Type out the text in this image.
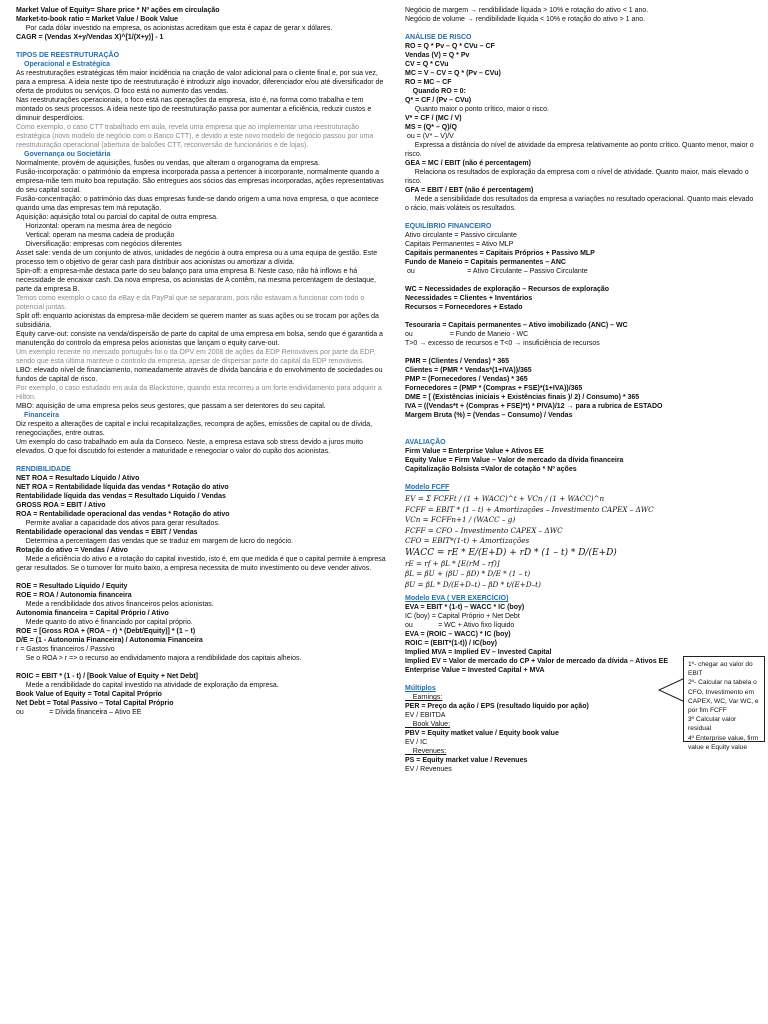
Market Value of Equity= Share price * Nº ações em circulação
Market-to-book ratio = Market Value / Book Value
Por cada dólar investido na empresa, os acionistas acreditam que esta é capaz de gerar x dólares.
CAGR = (Vendas X+y/Vendas X)^[1/(X+y)] - 1
TIPOS DE REESTRUTURAÇÃO
Operacional e Estratégica
As reestruturações estratégicas têm maior incidência na criação de valor adicional para o cliente final e, por sua vez, para a empresa. A ideia neste tipo de reestruturação é introduzir algo inovador, diferenciador e/ou até diversificador de oferta de produtos ou serviços. O foco está no aumento das vendas.
Nas reestruturações operacionais, o foco está nas operações da empresa, isto é, na forma como trabalha e tem montado os seus processos. A ideia neste tipo de reestruturação passa por aumentar a eficiência, reduzir custos e diminuir desperdícios.
Como exemplo, o caso CTT trabalhado em aula, revela uma empresa que ao implementar uma reestruturação estratégica (novo modelo de negócio com o Banco CTT), e devido a este novo modelo de negócio passou por uma reestruturação operacional (abertura de balcões CTT, reconversão de funcionários e de lojas).
Governança ou Societária
Normalmente, provém de aquisições, fusões ou vendas, que alteram o organograma da empresa.
Fusão-incorporação: o património da empresa incorporada passa a pertencer à incorporante, normalmente quando a empresa-mãe tem muito boa reputação. São entregues aos sócios das empresas incorporadas, ações representativas do seu capital social.
Fusão-concentração: o património das duas empresas funde-se dando origem a uma nova empresa, o que acontece quando uma das empresas tem má reputação.
Aquisição: aquisição total ou parcial do capital de outra empresa.
Horizontal: operam na mesma área de negócio
Vertical: operam na mesma cadeia de produção
Diversificação: empresas com negócios diferentes
Asset sale: venda de um conjunto de ativos, unidades de negócio à outra empresa ou a uma equipa de gestão. Este processo tem o objetivo de gerar cash para distribuir aos acionistas ou amortizar a dívida.
Spin-off: a empresa-mãe destaca parte do seu balanço para uma empresa B. Neste caso, não há inflows e há necessidade de encaixar cash. Da nova empresa, os acionistas de A contêm, na mesma percentagem de destaque, parte da empresa B.
Temos como exemplo o caso da eBay e da PayPal que se separaram, pois não estavam a funcionar com todo o potencial juntas.
Split off: enquanto acionistas da empresa-mãe decidem se querem manter as suas ações ou se trocam por ações da subsidiária.
Equity carve-out: consiste na venda/dispersão de parte do capital de uma empresa em bolsa, sendo que é garantida a manutenção do controlo da empresa pelos acionistas que lançam o equity carve-out.
Um exemplo recente no mercado português foi o da OPV em 2008 de ações da EDP Renováveis por parte da EDP, sendo que esta última manteve o controlo da empresa, apesar de dispersar parte do capital da EDP renováveis.
LBO: elevado nível de financiamento, nomeadamente através de dívida bancária e do envolvimento de sociedades ou fundos de capital de risco.
Por exemplo, o caso estudado em aula da Blackstone, quando esta recorreu a um forte endividamento para adquirir a Hilton.
MBO: aquisição de uma empresa pelos seus gestores, que passam a ser detentores do seu capital.
Financeira
Diz respeito a alterações de capital e inclui recapitalizações, recompra de ações, emissões de capital ou de dívida, renegociações, entre outras.
Um exemplo do caso trabalhado em aula da Conseco. Neste, a empresa estava sob stress devido a juros muito elevados. O que foi discutido foi estender a maturidade e renegociar o valor do cupão dos acionistas.
RENDIBILIDADE
NET ROA = Resultado Líquido / Ativo
NET ROA = Rentabilidade líquida das vendas * Rotação do ativo
Rentabilidade líquida das vendas = Resultado Líquido / Vendas
GROSS ROA = EBIT / Ativo
ROA = Rentabilidade operacional das vendas * Rotação do ativo
Permite avaliar a capacidade dos ativos para gerar resultados.
Rentabilidade operacional das vendas = EBIT / Vendas
Determina a percentagem das vendas que se traduz em margem de lucro do negócio.
Rotação do ativo = Vendas / Ativo
Mede a eficiência do ativo e a rotação do capital investido, isto é, em que medida é que o capital permite à empresa gerar resultados. Se o turnover for muito baixo, a empresa necessita de muito investimento ou deve vender ativos.
ROE = Resultado Líquido / Equity
ROE = ROA / Autonomia financeira
Mede a rendibilidade dos ativos financeiros pelos acionistas.
Autonomia financeira = Capital Próprio / Ativo
Mede quanto do ativo é financiado por capital próprio.
ROE = [Gross ROA + (ROA – r) * (Debt/Equity)] * (1 – t)
D/E = (1 - Autonomia Financeira) / Autonomia Financeira
r = Gastos financeiros / Passivo
Se o ROA > r => o recurso ao endividamento majora a rendibilidade dos capitais alheios.
ROIC = EBIT * (1 - t) / [Book Value of Equity + Net Debt]
Mede a rendibilidade do capital investido na atividade de exploração da empresa.
Book Value of Equity = Total Capital Próprio
Net Debt = Total Passivo – Total Capital Próprio
ou             = Dívida financeira – Ativo EE
Negócio de margem → rendibilidade líquida > 10% e rotação do ativo < 1 ano.
Negócio de volume → rendibilidade líquida < 10% e rotação do ativo > 1 ano.
ANÁLISE DE RISCO
RO = Q * Pv – Q * CVu – CF
Vendas (V) = Q * Pv
CV = Q * CVu
MC = V – CV = Q * (Pv – CVu)
RO = MC – CF
Quando RO = 0:
Q* = CF / (Pv – CVu)
Quanto maior o ponto crítico, maior o risco.
V* = CF / (MC / V)
MS = (Q* – Q)/Q
ou = (V* – V)/V
Expressa a distância do nível de atividade da empresa relativamente ao ponto crítico. Quanto menor, maior o risco.
GEA = MC / EBIT (não é percentagem)
Relaciona os resultados de exploração da empresa com o nível de atividade. Quanto maior, mais elevado o risco.
GFA = EBIT / EBT (não é percentagem)
Mede a sensibilidade dos resultados da empresa a variações no resultado operacional. Quanto mais elevado o rácio, mais voláteis os resultados.
EQUILÍBRIO FINANCEIRO
Ativo circulante = Passivo circulante
Capitais Permanentes = Ativo MLP
Capitais permanentes = Capitais Próprios + Passivo MLP
Fundo de Maneio = Capitais permanentes – ANC
ou                           = Ativo Circulante – Passivo Circulante
WC = Necessidades de exploração – Recursos de exploração
Necessidades = Clientes + Inventários
Recursos = Fornecedores + Estado
Tesouraria = Capitais permanentes – Ativo imobilizado (ANC) – WC
ou                   = Fundo de Maneio - WC
T>0 → excesso de recursos e T<0 → insuficiência de recursos
PMR = (Clientes / Vendas) * 365
Clientes = (PMR * Vendas*(1+IVA))/365
PMP = (Fornecedores / Vendas) * 365
Fornecedores = (PMP * (Compras + FSE)*(1+IVA))/365
DME = [ (Existências iniciais + Existências finais )/ 2) / Consumo) * 365
IVA = ((Vendas*t + (Compras + FSE)*t) * PIVA)/12 → para a rubrica de ESTADO
Margem Bruta (%) = (Vendas – Consumo) / Vendas
AVALIAÇÃO
Firm Value = Enterprise Value + Ativos EE
Equity Value = Firm Value – Valor de mercado da dívida financeira
Capitalização Bolsista =Valor de cotação * Nº ações
Modelo FCFF
EV = Σ FCFFt / (1 + WACC)^t + VCn / (1 + WACC)^n
FCFF = EBIT * (1 – t) + Amortizações – Investimento CAPEX – ΔWC
VCn = FCFFn+1 / (WACC – g)
FCFF = CFO – Investimento CAPEX – ΔWC
CFO = EBIT*(1-t) + Amortizações
WACC = rE * E/(E+D) + rD * (1 – t) * D/(E+D)
rE = rf + βL * [E(rM – rf)]
βL = βU + (βU – βD) * D/E * (1 – t)
βU = βL * D/(E+D–t) – βD * t/(E+D–t)
Modelo EVA ( VER EXERCÍCIO)
EVA = EBIT * (1-t) – WACC * IC (boy)
IC (boy) = Capital Próprio + Net Debt
ou             = WC + Ativo fixo líquido
EVA = (ROIC – WACC) * IC (boy)
ROIC = (EBIT*(1-t)) / IC(boy)
Implied MVA = Implied EV – Invested Capital
Implied EV = Valor de mercado do CP + Valor de mercado da dívida – Ativos EE
Enterprise Value = Invested Capital + MVA
Múltiplos
Earnings:
PER = Preço da ação / EPS (resultado líquido por ação)
EV / EBITDA
Book Value:
PBV = Equity matket value / Equity book value
EV / IC
Revenues:
PS = Equity market value / Revenues
EV / Revenues
1º- chegar ao valor do EBIT
2º- Calcular na tabela o CFO, Investimento em CAPEX, WC, Var WC, e por fim FCFF
3º Calcular valor residual
4º Enterprise value, firm value e Equity value
